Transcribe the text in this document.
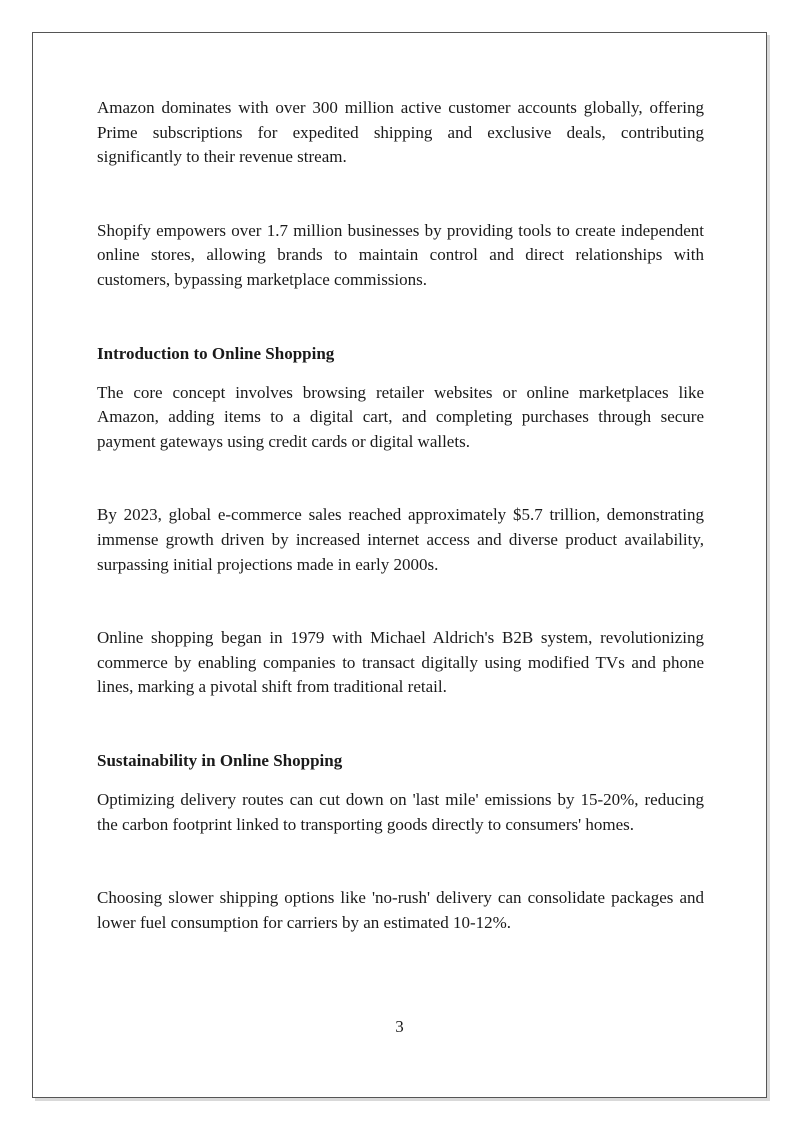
Amazon dominates with over 300 million active customer accounts globally, offering Prime subscriptions for expedited shipping and exclusive deals, contributing significantly to their revenue stream.

Shopify empowers over 1.7 million businesses by providing tools to create independent online stores, allowing brands to maintain control and direct relationships with customers, bypassing marketplace commissions.

Introduction to Online Shopping

The core concept involves browsing retailer websites or online marketplaces like Amazon, adding items to a digital cart, and completing purchases through secure payment gateways using credit cards or digital wallets.

By 2023, global e-commerce sales reached approximately $5.7 trillion, demonstrating immense growth driven by increased internet access and diverse product availability, surpassing initial projections made in early 2000s.

Online shopping began in 1979 with Michael Aldrich's B2B system, revolutionizing commerce by enabling companies to transact digitally using modified TVs and phone lines, marking a pivotal shift from traditional retail.

Sustainability in Online Shopping

Optimizing delivery routes can cut down on 'last mile' emissions by 15-20%, reducing the carbon footprint linked to transporting goods directly to consumers' homes.

Choosing slower shipping options like 'no-rush' delivery can consolidate packages and lower fuel consumption for carriers by an estimated 10-12%.

3
